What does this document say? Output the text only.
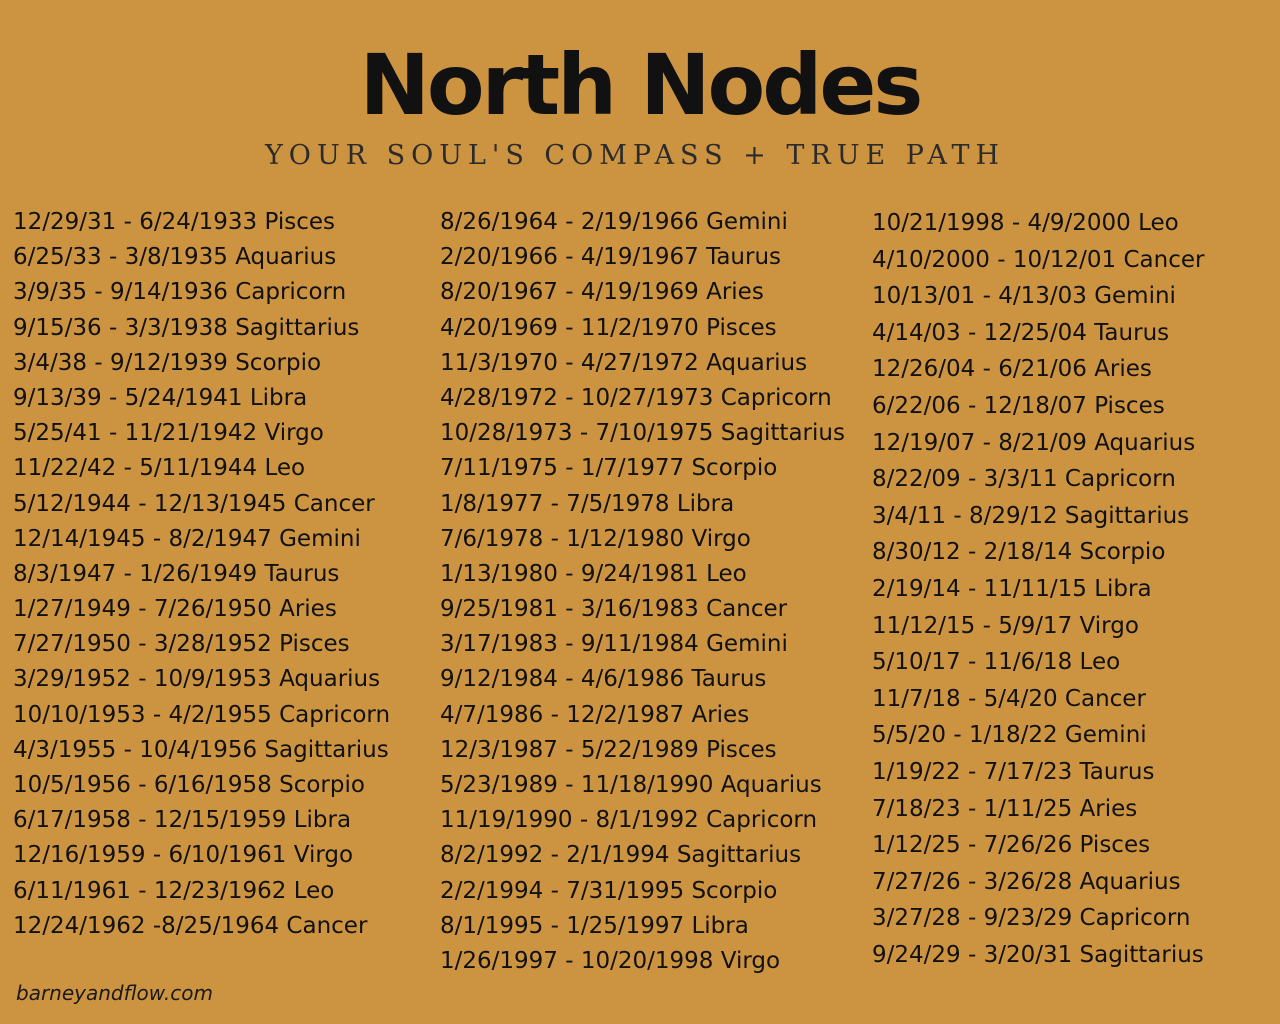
North Nodes
YOUR SOUL'S COMPASS + TRUE PATH
12/29/31 - 6/24/1933 Pisces
6/25/33 - 3/8/1935 Aquarius
3/9/35 - 9/14/1936 Capricorn
9/15/36 - 3/3/1938 Sagittarius
3/4/38 - 9/12/1939 Scorpio
9/13/39 - 5/24/1941 Libra
5/25/41 - 11/21/1942 Virgo
11/22/42 - 5/11/1944 Leo
5/12/1944 - 12/13/1945 Cancer
12/14/1945 - 8/2/1947 Gemini
8/3/1947 - 1/26/1949 Taurus
1/27/1949 - 7/26/1950 Aries
7/27/1950 - 3/28/1952 Pisces
3/29/1952 - 10/9/1953 Aquarius
10/10/1953 - 4/2/1955 Capricorn
4/3/1955 - 10/4/1956 Sagittarius
10/5/1956 - 6/16/1958 Scorpio
6/17/1958 - 12/15/1959 Libra
12/16/1959 - 6/10/1961 Virgo
6/11/1961 - 12/23/1962 Leo
12/24/1962 -8/25/1964 Cancer
8/26/1964 - 2/19/1966 Gemini
2/20/1966 - 4/19/1967 Taurus
8/20/1967 - 4/19/1969 Aries
4/20/1969 - 11/2/1970 Pisces
11/3/1970 - 4/27/1972 Aquarius
4/28/1972 - 10/27/1973 Capricorn
10/28/1973 - 7/10/1975 Sagittarius
7/11/1975 - 1/7/1977 Scorpio
1/8/1977 - 7/5/1978 Libra
7/6/1978 - 1/12/1980 Virgo
1/13/1980 - 9/24/1981 Leo
9/25/1981 - 3/16/1983 Cancer
3/17/1983 - 9/11/1984 Gemini
9/12/1984 - 4/6/1986 Taurus
4/7/1986 - 12/2/1987 Aries
12/3/1987 - 5/22/1989 Pisces
5/23/1989 - 11/18/1990 Aquarius
11/19/1990 - 8/1/1992 Capricorn
8/2/1992 - 2/1/1994 Sagittarius
2/2/1994 - 7/31/1995 Scorpio
8/1/1995 - 1/25/1997 Libra
1/26/1997 - 10/20/1998 Virgo
10/21/1998 - 4/9/2000 Leo
4/10/2000 - 10/12/01 Cancer
10/13/01 - 4/13/03 Gemini
4/14/03 - 12/25/04 Taurus
12/26/04 - 6/21/06 Aries
6/22/06 - 12/18/07 Pisces
12/19/07 - 8/21/09 Aquarius
8/22/09 - 3/3/11 Capricorn
3/4/11 - 8/29/12 Sagittarius
8/30/12 - 2/18/14 Scorpio
2/19/14 - 11/11/15 Libra
11/12/15 - 5/9/17 Virgo
5/10/17 - 11/6/18 Leo
11/7/18 - 5/4/20 Cancer
5/5/20 - 1/18/22 Gemini
1/19/22 - 7/17/23 Taurus
7/18/23 - 1/11/25 Aries
1/12/25 - 7/26/26 Pisces
7/27/26 - 3/26/28 Aquarius
3/27/28 - 9/23/29 Capricorn
9/24/29 - 3/20/31 Sagittarius
barneyandflow.com
